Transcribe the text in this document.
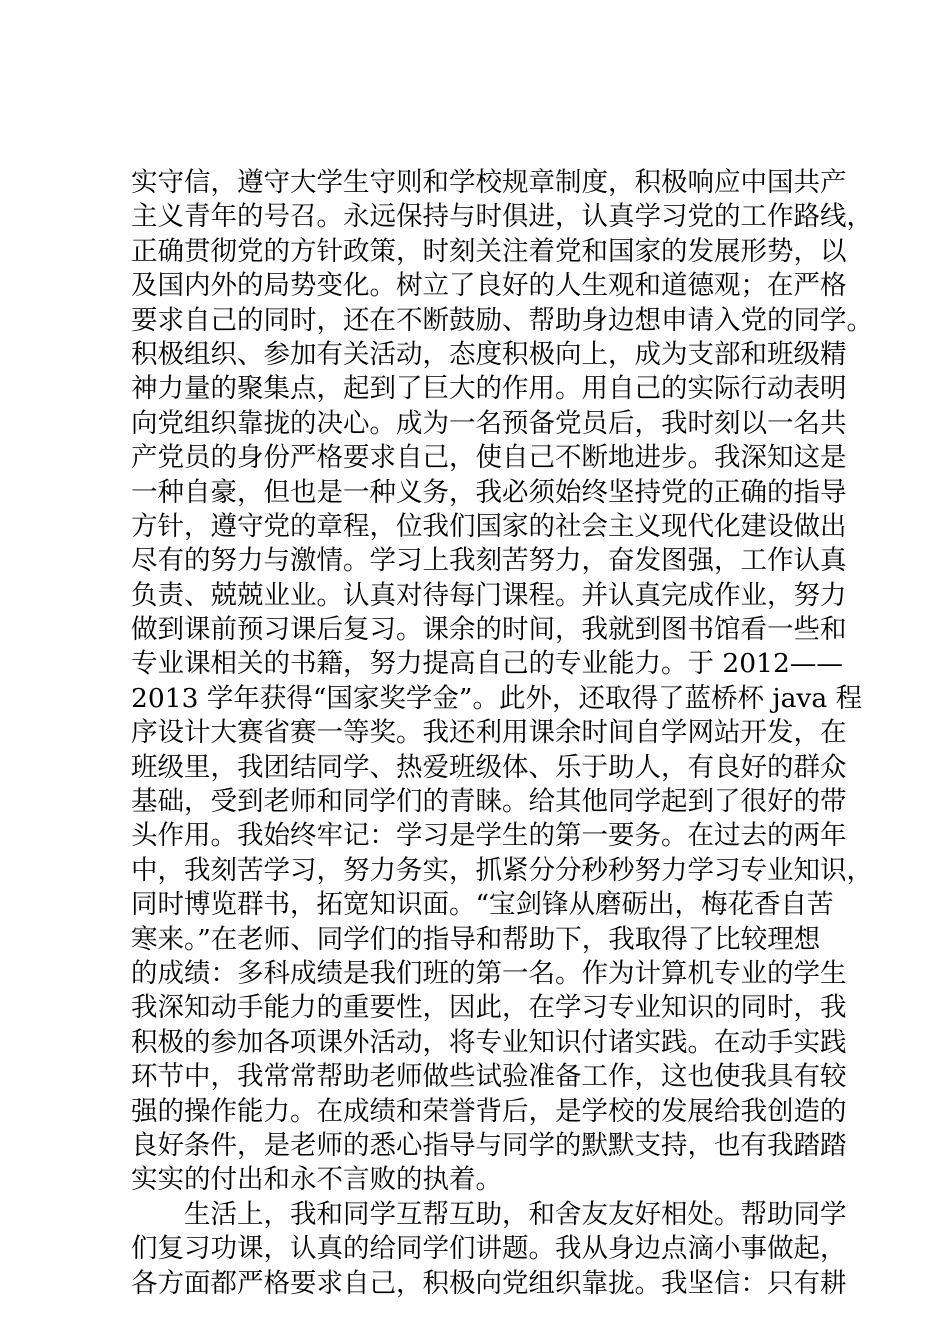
实守信，遵守大学生守则和学校规章制度，积极响应中国共产
主义青年的号召。永远保持与时俱进，认真学习党的工作路线，
正确贯彻党的方针政策，时刻关注着党和国家的发展形势，以
及国内外的局势变化。树立了良好的人生观和道德观；在严格
要求自己的同时，还在不断鼓励、帮助身边想申请入党的同学。
积极组织、参加有关活动，态度积极向上，成为支部和班级精
神力量的聚集点，起到了巨大的作用。用自己的实际行动表明
向党组织靠拢的决心。成为一名预备党员后，我时刻以一名共
产党员的身份严格要求自己，使自己不断地进步。我深知这是
一种自豪，但也是一种义务，我必须始终坚持党的正确的指导
方针，遵守党的章程，位我们国家的社会主义现代化建设做出
尽有的努力与激情。学习上我刻苦努力，奋发图强，工作认真
负责、兢兢业业。认真对待每门课程。并认真完成作业，努力
做到课前预习课后复习。课余的时间，我就到图书馆看一些和
专业课相关的书籍，努力提高自己的专业能力。于 2012——
2013 学年获得“国家奖学金”。此外，还取得了蓝桥杯 java 程
序设计大赛省赛一等奖。我还利用课余时间自学网站开发，在
班级里，我团结同学、热爱班级体、乐于助人，有良好的群众
基础，受到老师和同学们的青睐。给其他同学起到了很好的带
头作用。我始终牢记：学习是学生的第一要务。在过去的两年
中，我刻苦学习，努力务实，抓紧分分秒秒努力学习专业知识，
同时博览群书，拓宽知识面。“宝剑锋从磨砺出，梅花香自苦
寒来。”在老师、同学们的指导和帮助下，我取得了比较理想
的成绩：多科成绩是我们班的第一名。作为计算机专业的学生
我深知动手能力的重要性，因此，在学习专业知识的同时，我
积极的参加各项课外活动，将专业知识付诸实践。在动手实践
环节中，我常常帮助老师做些试验准备工作，这也使我具有较
强的操作能力。在成绩和荣誉背后，是学校的发展给我创造的
良好条件，是老师的悉心指导与同学的默默支持，也有我踏踏
实实的付出和永不言败的执着。
生活上，我和同学互帮互助，和舍友友好相处。帮助同学
们复习功课，认真的给同学们讲题。我从身边点滴小事做起，
各方面都严格要求自己，积极向党组织靠拢。我坚信：只有耕
